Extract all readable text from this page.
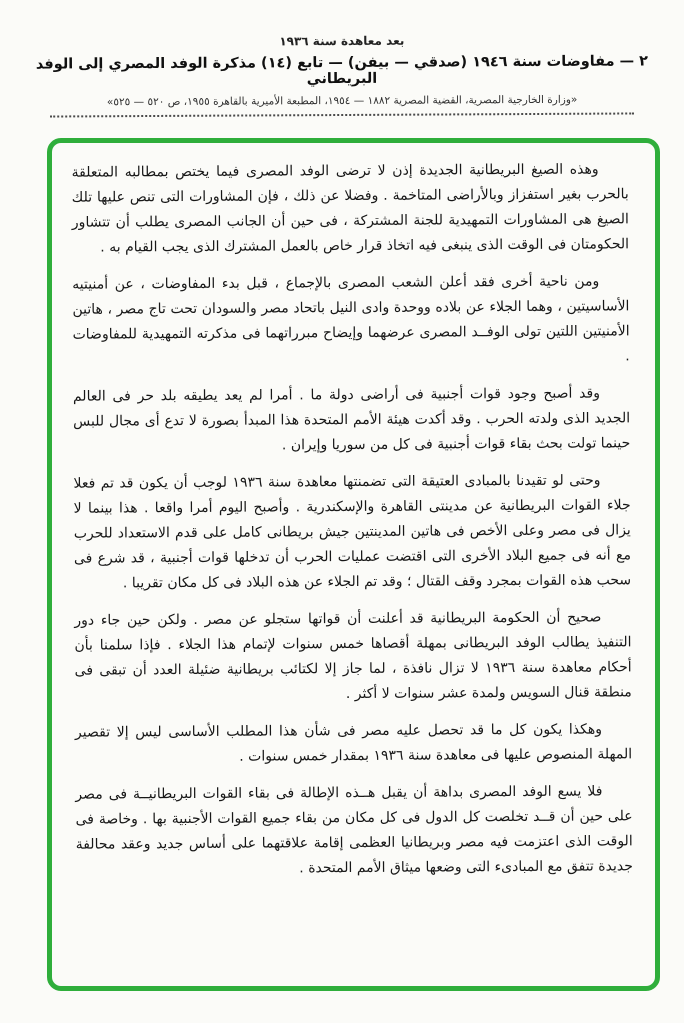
بعد معاهدة سنة ١٩٣٦
٢ — مفاوضات سنة ١٩٤٦ (صدقي — بيفن) — تابع (١٤) مذكرة الوفد المصري إلى الوفد البريطاني
«وزارة الخارجية المصرية، القضية المصرية ١٨٨٢ — ١٩٥٤، المطبعة الأميرية بالقاهرة ١٩٥٥، ص ٥٢٠ — ٥٢٥»

وهذه الصيغ البريطانية الجديدة إذن لا ترضى الوفد المصرى فيما يختص بمطالبه المتعلقة بالحرب بغير استفزاز وبالأراضى المتاخمة . وفضلا عن ذلك ، فإن المشاورات التى تنص عليها تلك الصيغ هى المشاورات التمهيدية للجنة المشتركة ، فى حين أن الجانب المصرى يطلب أن تتشاور الحكومتان فى الوقت الذى ينبغى فيه اتخاذ قرار خاص بالعمل المشترك الذى يجب القيام به .

ومن ناحية أخرى فقد أعلن الشعب المصرى بالإجماع ، قبل بدء المفاوضات ، عن أمنيتيه الأساسيتين ، وهما الجلاء عن بلاده ووحدة وادى النيل باتحاد مصر والسودان تحت تاج مصر ، هاتين الأمنيتين اللتين تولى الوفــد المصرى عرضهما وإيضاح مبرراتهما فى مذكرته التمهيدية للمفاوضات .

وقد أصبح وجود قوات أجنبية فى أراضى دولة ما . أمرا لم يعد يطيقه بلد حر فى العالم الجديد الذى ولدته الحرب . وقد أكدت هيئة الأمم المتحدة هذا المبدأ بصورة لا تدع أى مجال للبس حينما تولت بحث بقاء قوات أجنبية فى كل من سوريا وإيران .

وحتى لو تقيدنا بالمبادى العتيقة التى تضمنتها معاهدة سنة ١٩٣٦ لوجب أن يكون قد تم فعلا جلاء القوات البريطانية عن مدينتى القاهرة والإسكندرية . وأصبح اليوم أمرا واقعا . هذا بينما لا يزال فى مصر وعلى الأخص فى هاتين المدينتين جيش بريطانى كامل على قدم الاستعداد للحرب مع أنه فى جميع البلاد الأخرى التى اقتضت عمليات الحرب أن تدخلها قوات أجنبية ، قد شرع فى سحب هذه القوات بمجرد وقف القتال ؛ وقد تم الجلاء عن هذه البلاد فى كل مكان تقريبا .

صحيح أن الحكومة البريطانية قد أعلنت أن قواتها ستجلو عن مصر . ولكن حين جاء دور التنفيذ يطالب الوفد البريطانى بمهلة أقصاها خمس سنوات لإتمام هذا الجلاء . فإذا سلمنا بأن أحكام معاهدة سنة ١٩٣٦ لا تزال نافذة ، لما جاز إلا لكتائب بريطانية ضئيلة العدد أن تبقى فى منطقة قنال السويس ولمدة عشر سنوات لا أكثر .

وهكذا يكون كل ما قد تحصل عليه مصر فى شأن هذا المطلب الأساسى ليس إلا تقصير المهلة المنصوص عليها فى معاهدة سنة ١٩٣٦ بمقدار خمس سنوات .

فلا يسع الوفد المصرى بداهة أن يقبل هــذه الإطالة فى بقاء القوات البريطانيــة فى مصر على حين أن قــد تخلصت كل الدول فى كل مكان من بقاء جميع القوات الأجنبية بها . وخاصة فى الوقت الذى اعتزمت فيه مصر وبريطانيا العظمى إقامة علاقتهما على أساس جديد وعقد محالفة جديدة تتفق مع المبادىء التى وضعها ميثاق الأمم المتحدة .
